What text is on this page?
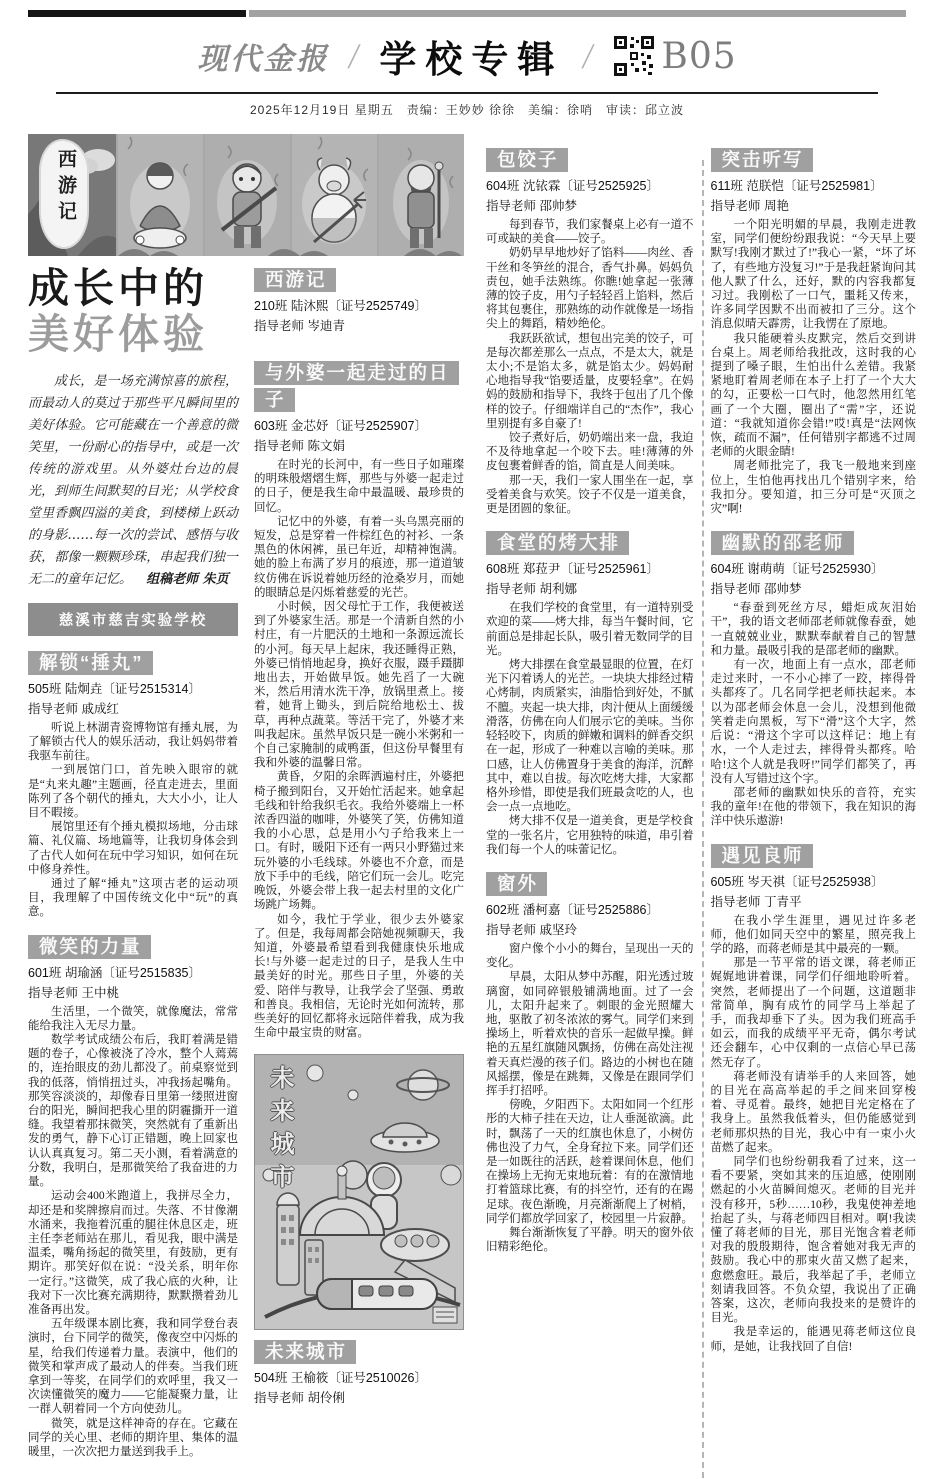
现代金报 / 学校专辑 / B05
2025年12月19日 星期五　责编：王妙妙 徐徐　美编：徐哨　审读：邱立波
西游记
成长中的
美好体验

成长，是一场充满惊喜的旅程，而最动人的莫过于那些平凡瞬间里的美好体验。它可能藏在一个善意的微笑里，一份耐心的指导中，或是一次传统的游戏里。从外婆灶台边的晨光，到师生间默契的目光；从学校食堂里香飘四溢的美食，到楼梯上跃动的身影……每一次的尝试、感悟与收获，都像一颗颗珍珠，串起我们独一无二的童年记忆。 组稿老师 朱页

慈溪市慈吉实验学校
解锁“捶丸”

505班 陆炯垚〔证号2515314〕

指导老师 戚成红

听说上林湖青瓷博物馆有捶丸展，为了解锁古代人的娱乐活动，我让妈妈带着我驱车前往。

一到展馆门口，首先映入眼帘的就是“丸来丸趣”主题画，径直走进去，里面陈列了各个朝代的捶丸，大大小小，让人目不暇接。

展馆里还有个捶丸模拟场地，分击球篇、礼仪篇、场地篇等，让我切身体会到了古代人如何在玩中学习知识，如何在玩中修身养性。

通过了解“捶丸”这项古老的运动项目，我理解了中国传统文化中“玩”的真意。

微笑的力量

601班 胡瑜涵〔证号2515835〕

指导老师 王中桃

生活里，一个微笑，就像魔法，常常能给我注入无尽力量。

数学考试成绩公布后，我盯着满是错题的卷子，心像被浇了冷水，整个人蔫蔫的，连抬眼皮的劲儿都没了。前桌察觉到我的低落，悄悄扭过头，冲我扬起嘴角。那笑容淡淡的，却像春日里第一缕照进窗台的阳光，瞬间把我心里的阴霾撕开一道缝。我望着那抹微笑，突然就有了重新出发的勇气，静下心订正错题，晚上回家也认认真真复习。第二天小测，看着满意的分数，我明白，是那微笑给了我奋进的力量。

运动会400米跑道上，我拼尽全力，却还是和奖牌擦肩而过。失落、不甘像潮水涌来，我拖着沉重的腿往休息区走，班主任李老师站在那儿，看见我，眼中满是温柔，嘴角扬起的微笑里，有鼓励，更有期许。那笑好似在说：“没关系，明年你一定行。”这微笑，成了我心底的火种，让我对下一次比赛充满期待，默默攒着劲儿准备再出发。

五年级课本剧比赛，我和同学登台表演时，台下同学的微笑，像夜空中闪烁的星，给我们传递着力量。表演中，他们的微笑和掌声成了最动人的伴奏。当我们班拿到一等奖，在同学们的欢呼里，我又一次读懂微笑的魔力——它能凝聚力量，让一群人朝着同一个方向使劲儿。

微笑，就是这样神奇的存在。它藏在同学的关心里、老师的期许里、集体的温暖里，一次次把力量送到我手上。

西游记

210班 陆沐熙〔证号2525749〕

指导老师 岑迪青

与外婆一起走过的日子

603班 金芯妤〔证号2525907〕

指导老师 陈文娟

在时光的长河中，有一些日子如璀璨的明珠般熠熠生辉，那些与外婆一起走过的日子，便是我生命中最温暖、最珍贵的回忆。

记忆中的外婆，有着一头乌黑亮丽的短发，总是穿着一件棕红色的衬衫、一条黑色的休闲裤，虽已年近，却精神饱满。她的脸上布满了岁月的痕迹，那一道道皱纹仿佛在诉说着她历经的沧桑岁月，而她的眼睛总是闪烁着慈爱的光芒。

小时候，因父母忙于工作，我便被送到了外婆家生活。那是一个清新自然的小村庄，有一片肥沃的土地和一条源远流长的小河。每天早上起床，我还睡得正熟，外婆已悄悄地起身，换好衣服，蹑手蹑脚地出去，开始做早饭。她先舀了一大碗米，然后用清水洗干净，放锅里煮上。接着，她背上锄头，到后院给地松土、拔草，再种点蔬菜。等活干完了，外婆才来叫我起床。虽然早饭只是一碗小米粥和一个自己家腌制的咸鸭蛋，但这份早餐里有我和外婆的温馨日常。

黄昏，夕阳的余晖洒遍村庄，外婆把椅子搬到阳台，又开始忙活起来。她拿起毛线和针给我织毛衣。我给外婆端上一杯浓香四溢的咖啡，外婆笑了笑，仿佛知道我的小心思，总是用小勺子给我来上一口。有时，暖阳下还有一两只小野猫过来玩外婆的小毛线球。外婆也不介意，而是放下手中的毛线，陪它们玩一会儿。吃完晚饭，外婆会带上我一起去村里的文化广场跳广场舞。

如今，我忙于学业，很少去外婆家了。但是，我每周都会陪她视频聊天，我知道，外婆最希望看到我健康快乐地成长!与外婆一起走过的日子，是我人生中最美好的时光。那些日子里，外婆的关爱、陪伴与教导，让我学会了坚强、勇敢和善良。我相信，无论时光如何流转，那些美好的回忆都将永远陪伴着我，成为我生命中最宝贵的财富。

未来城市
未来城市

504班 王榆筱〔证号2510026〕

指导老师 胡伶俐

包饺子

604班 沈铱霖〔证号2525925〕

指导老师 邵帅梦

每到春节，我们家餐桌上必有一道不可或缺的美食——饺子。

奶奶早早地炒好了馅料——肉丝、香干丝和冬笋丝的混合，香气扑鼻。妈妈负责包，她手法熟练。你瞧!她拿起一张薄薄的饺子皮，用勺子轻轻舀上馅料，然后将其包裹住，那熟练的动作就像是一场指尖上的舞蹈，精妙绝伦。

我跃跃欲试，想包出完美的饺子，可是每次都差那么一点点，不是太大，就是太小;不是馅太多，就是馅太少。妈妈耐心地指导我“馅要适量，皮要轻拿”。在妈妈的鼓励和指导下，我终于包出了几个像样的饺子。仔细端详自己的“杰作”，我心里别提有多自豪了!

饺子煮好后，奶奶端出来一盘，我迫不及待地拿起一个咬下去。哇!薄薄的外皮包裹着鲜香的馅，简直是人间美味。

那一天，我们一家人围坐在一起，享受着美食与欢笑。饺子不仅是一道美食，更是团圆的象征。

食堂的烤大排

608班 郑菈尹〔证号2525961〕

指导老师 胡利娜

在我们学校的食堂里，有一道特别受欢迎的菜——烤大排，每当午餐时间，它前面总是排起长队，吸引着无数同学的目光。

烤大排摆在食堂最显眼的位置，在灯光下闪着诱人的光芒。一块块大排经过精心烤制，肉质紧实，油脂恰到好处，不腻不膻。夹起一块大排，肉汁便从上面缓缓滑落，仿佛在向人们展示它的美味。当你轻轻咬下，肉质的鲜嫩和调料的鲜香交织在一起，形成了一种难以言喻的美味。那口感，让人仿佛置身于美食的海洋，沉醉其中，难以自拔。每次吃烤大排，大家都格外珍惜，即使是我们班最贪吃的人，也会一点一点地吃。

烤大排不仅是一道美食，更是学校食堂的一张名片，它用独特的味道，串引着我们每一个人的味蕾记忆。

窗外

602班 潘柯嘉〔证号2525886〕

指导老师 戚坚玲

窗户像个小小的舞台，呈现出一天的变化。

早晨，太阳从梦中苏醒，阳光透过玻璃窗，如同碎银般铺满地面。过了一会儿，太阳升起来了。刺眼的金光照耀大地，驱散了初冬浓浓的雾气。同学们来到操场上，听着欢快的音乐一起做早操。鲜艳的五星红旗随风飘扬，仿佛在高处注视着天真烂漫的孩子们。路边的小树也在随风摇摆，像是在跳舞，又像是在跟同学们挥手打招呼。

傍晚，夕阳西下。太阳如同一个红彤彤的大柿子挂在天边，让人垂涎欲滴。此时，飘荡了一天的红旗也休息了，小树仿佛也没了力气，全身耷拉下来。同学们还是一如既往的活跃，趁着课间休息，他们在操场上无拘无束地玩着：有的在激情地打着篮球比赛，有的抖空竹，还有的在踢足球。夜色渐晚，月亮渐渐爬上了树梢，同学们都放学回家了，校园里一片寂静。

舞台渐渐恢复了平静。明天的窗外依旧精彩绝伦。

突击听写

611班 范朕恺〔证号2525981〕

指导老师 周艳

一个阳光明媚的早晨，我刚走进教室，同学们便纷纷跟我说：“今天早上要默写!我刚才默过了!”我心一紧，“坏了坏了，有些地方没复习!”于是我赶紧询问其他人默了什么，还好，默的内容我都复习过。我刚松了一口气，噩耗又传来，许多同学因默不出而被扣了三分。这个消息似晴天霹雳，让我愣在了原地。

我只能硬着头皮默完，然后交到讲台桌上。周老师给我批改，这时我的心提到了嗓子眼，生怕出什么差错。我紧紧地盯着周老师在本子上打了一个大大的勾，正要松一口气时，他忽然用红笔画了一个大圈，圈出了“需”字，还说道：“我就知道你会错!”哎!真是“法网恢恢，疏而不漏”，任何错别字都逃不过周老师的火眼金睛!

周老师批完了，我飞一般地来到座位上，生怕他再找出几个错别字来，给我扣分。要知道，扣三分可是“灭顶之灾”啊!

幽默的邵老师

604班 谢萌萌〔证号2525930〕

指导老师 邵帅梦

“春蚕到死丝方尽，蜡炬成灰泪始干”，我的语文老师邵老师就像春蚕，她一直兢兢业业，默默奉献着自己的智慧和力量。最吸引我的是邵老师的幽默。

有一次，地面上有一点水，邵老师走过来时，一不小心摔了一跤，摔得骨头都疼了。几名同学把老师扶起来。本以为邵老师会休息一会儿，没想到他微笑着走向黑板，写下“滑”这个大字，然后说：“滑这个字可以这样记：地上有水，一个人走过去，摔得骨头都疼。哈哈!这个人就是我呀!”同学们都笑了，再没有人写错过这个字。

邵老师的幽默如快乐的音符，充实我的童年!在他的带领下，我在知识的海洋中快乐遨游!

遇见良师

605班 岑天祺〔证号2525938〕

指导老师 丁青平

在我小学生涯里，遇见过许多老师，他们如同天空中的繁星，照亮我上学的路，而蒋老师是其中最亮的一颗。

那是一节平常的语文课，蒋老师正娓娓地讲着课，同学们仔细地聆听着。突然，老师提出了一个问题，这道题非常简单，胸有成竹的同学马上举起了手，而我却垂下了头。因为我们班高手如云，而我的成绩平平无奇，偶尔考试还会翻车，心中仅剩的一点信心早已荡然无存了。

蒋老师没有请举手的人来回答，她的目光在高高举起的手之间来回穿梭着、寻觅着。最终，她把目光定格在了我身上。虽然我低着头，但仍能感觉到老师那炽热的目光，我心中有一束小火苗燃了起来。

同学们也纷纷朝我看了过来，这一看不要紧，突如其来的压迫感，使刚刚燃起的小火苗瞬间熄灭。老师的目光并没有移开，5秒……10秒，我鬼使神差地抬起了头，与蒋老师四目相对。啊!我读懂了蒋老师的目光，那目光饱含着老师对我的殷殷期待，饱含着她对我无声的鼓励。我心中的那束火苗又燃了起来，愈燃愈旺。最后，我举起了手，老师立刻请我回答。不负众望，我说出了正确答案，这次，老师向我投来的是赞许的目光。

我是幸运的，能遇见蒋老师这位良师，是她，让我找回了自信!
